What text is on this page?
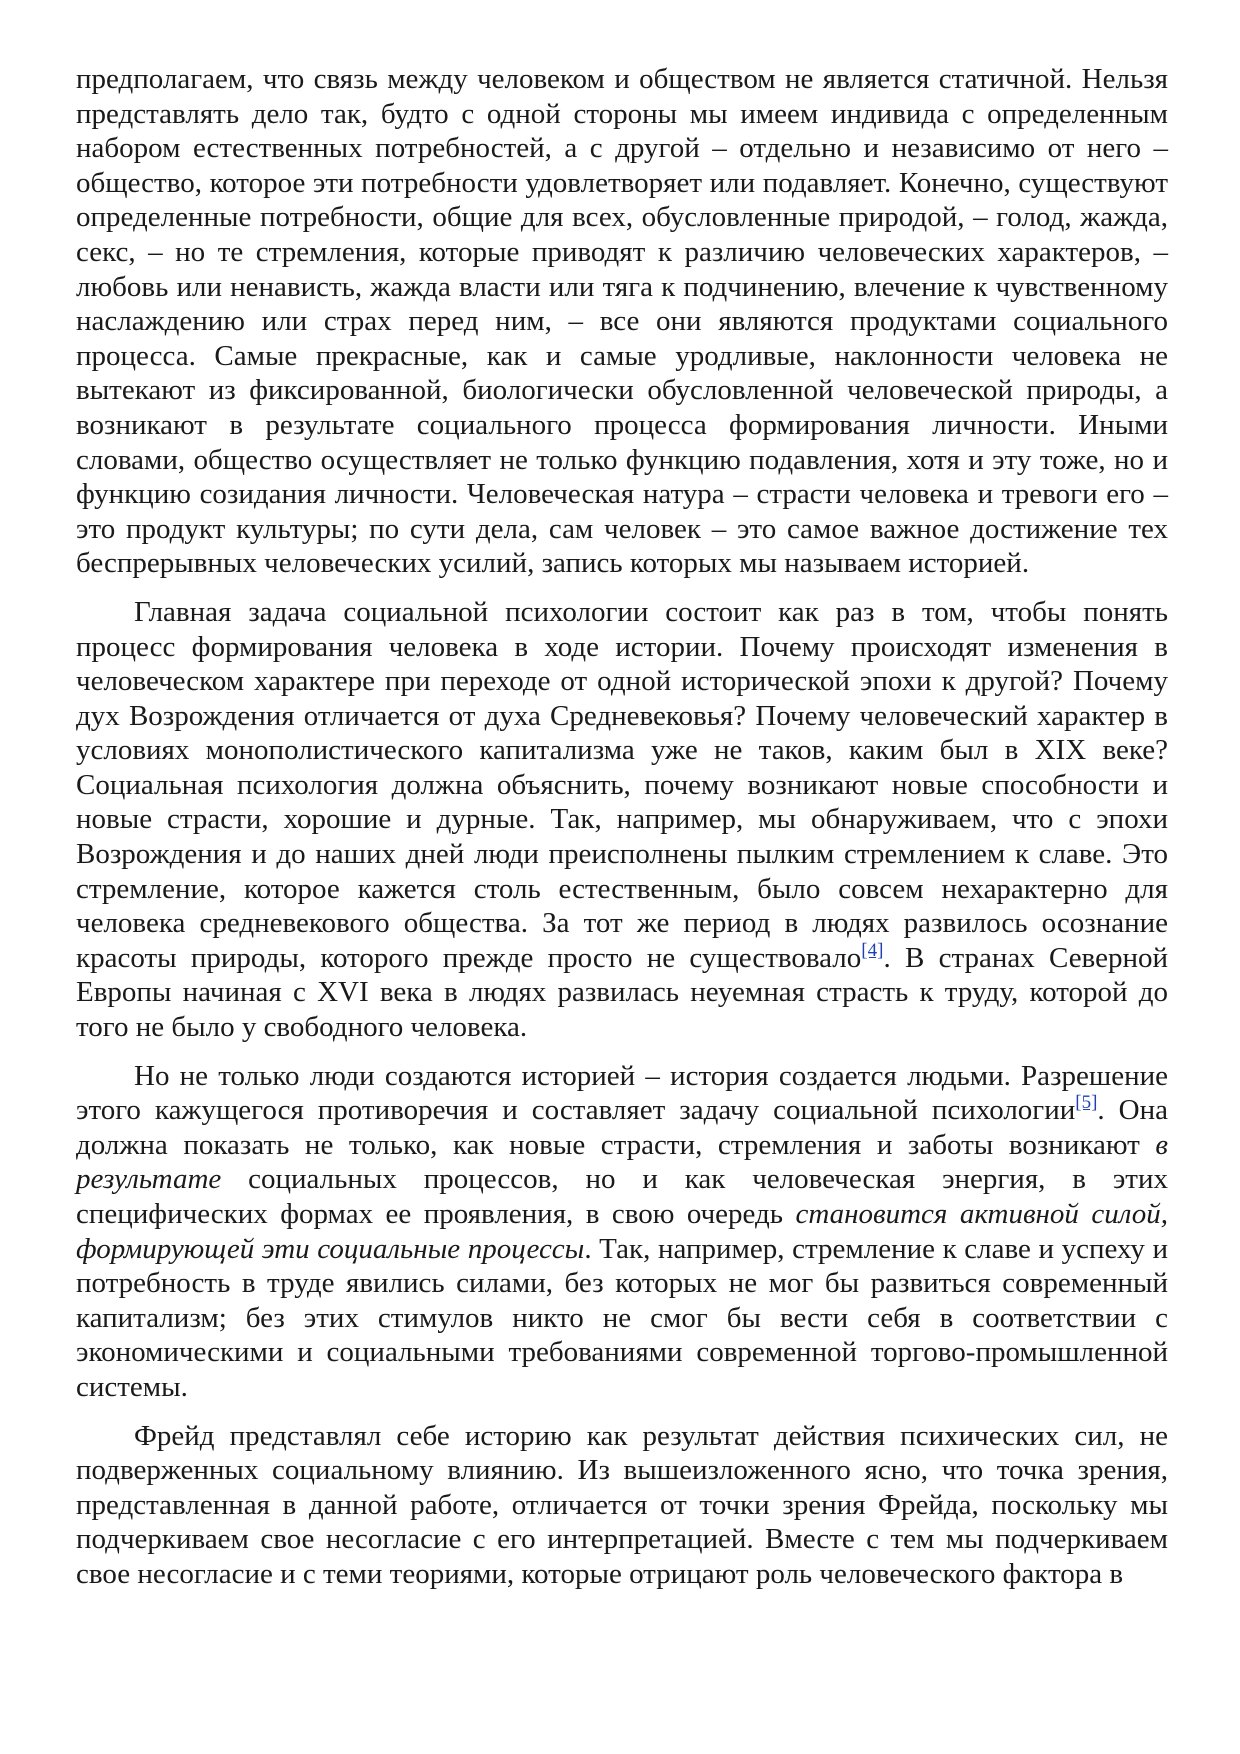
предполагаем, что связь между человеком и обществом не является статичной. Нельзя представлять дело так, будто с одной стороны мы имеем индивида с определенным набором естественных потребностей, а с другой – отдельно и независимо от него – общество, которое эти потребности удовлетворяет или подавляет. Конечно, существуют определенные потребности, общие для всех, обусловленные природой, – голод, жажда, секс, – но те стремления, которые приводят к различию человеческих характеров, – любовь или ненависть, жажда власти или тяга к подчинению, влечение к чувственному наслаждению или страх перед ним, – все они являются продуктами социального процесса. Самые прекрасные, как и самые уродливые, наклонности человека не вытекают из фиксированной, биологически обусловленной человеческой природы, а возникают в результате социального процесса формирования личности. Иными словами, общество осуществляет не только функцию подавления, хотя и эту тоже, но и функцию созидания личности. Человеческая натура – страсти человека и тревоги его – это продукт культуры; по сути дела, сам человек – это самое важное достижение тех беспрерывных человеческих усилий, запись которых мы называем историей.

Главная задача социальной психологии состоит как раз в том, чтобы понять процесс формирования человека в ходе истории. Почему происходят изменения в человеческом характере при переходе от одной исторической эпохи к другой? Почему дух Возрождения отличается от духа Средневековья? Почему человеческий характер в условиях монополистического капитализма уже не таков, каким был в XIX веке? Социальная психология должна объяснить, почему возникают новые способности и новые страсти, хорошие и дурные. Так, например, мы обнаруживаем, что с эпохи Возрождения и до наших дней люди преисполнены пылким стремлением к славе. Это стремление, которое кажется столь естественным, было совсем нехарактерно для человека средневекового общества. За тот же период в людях развилось осознание красоты природы, которого прежде просто не существовало[4]. В странах Северной Европы начиная с XVI века в людях развилась неуемная страсть к труду, которой до того не было у свободного человека.

Но не только люди создаются историей – история создается людьми. Разрешение этого кажущегося противоречия и составляет задачу социальной психологии[5]. Она должна показать не только, как новые страсти, стремления и заботы возникают в результате социальных процессов, но и как человеческая энергия, в этих специфических формах ее проявления, в свою очередь становится активной силой, формирующей эти социальные процессы. Так, например, стремление к славе и успеху и потребность в труде явились силами, без которых не мог бы развиться современный капитализм; без этих стимулов никто не смог бы вести себя в соответствии с экономическими и социальными требованиями современной торгово-промышленной системы.

Фрейд представлял себе историю как результат действия психических сил, не подверженных социальному влиянию. Из вышеизложенного ясно, что точка зрения, представленная в данной работе, отличается от точки зрения Фрейда, поскольку мы подчеркиваем свое несогласие с его интерпретацией. Вместе с тем мы подчеркиваем свое несогласие и с теми теориями, которые отрицают роль человеческого фактора в
